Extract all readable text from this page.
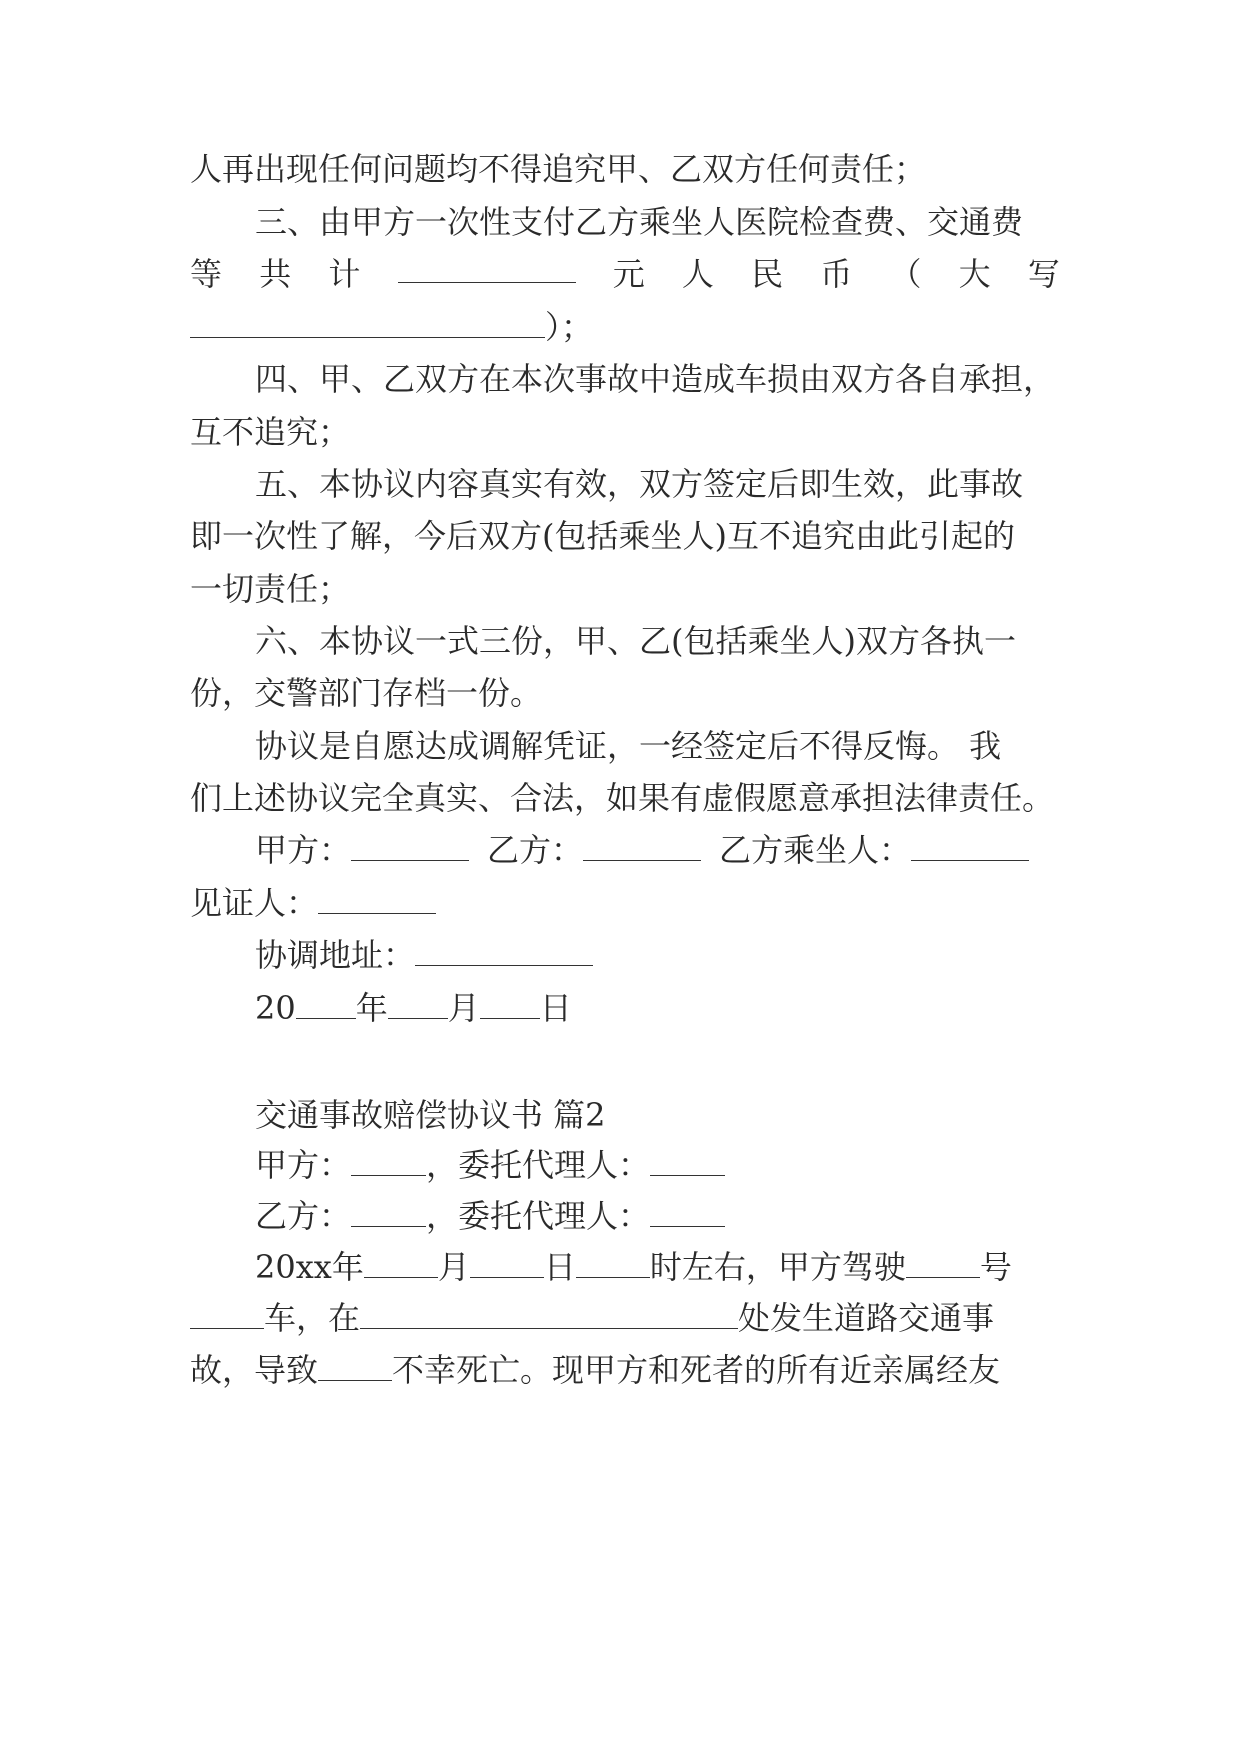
人再出现任何问题均不得追究甲、乙双方任何责任；
三、由甲方一次性支付乙方乘坐人医院检查费、交通费
等 共 计	元 人 民 币 （ 大 写
）；
四、甲、乙双方在本次事故中造成车损由双方各自承担，
互不追究；
五、本协议内容真实有效，双方签定后即生效，此事故
即一次性了解，今后双方(包括乘坐人)互不追究由此引起的
一切责任；
六、本协议一式三份，甲、乙(包括乘坐人)双方各执一
份，交警部门存档一份。
协议是自愿达成调解凭证，一经签定后不得反悔。 我
们上述协议完全真实、合法，如果有虚假愿意承担法律责任。
甲方：	乙方：	乙方乘坐人：
见证人：
协调地址：
20 年 月 日
交通事故赔偿协议书 篇2
甲方： ，委托代理人：
乙方： ，委托代理人：
20xx年 月 日 时左右，甲方驾驶 号
车，在	处发生道路交通事
故，导致 不幸死亡。现甲方和死者的所有近亲属经友
